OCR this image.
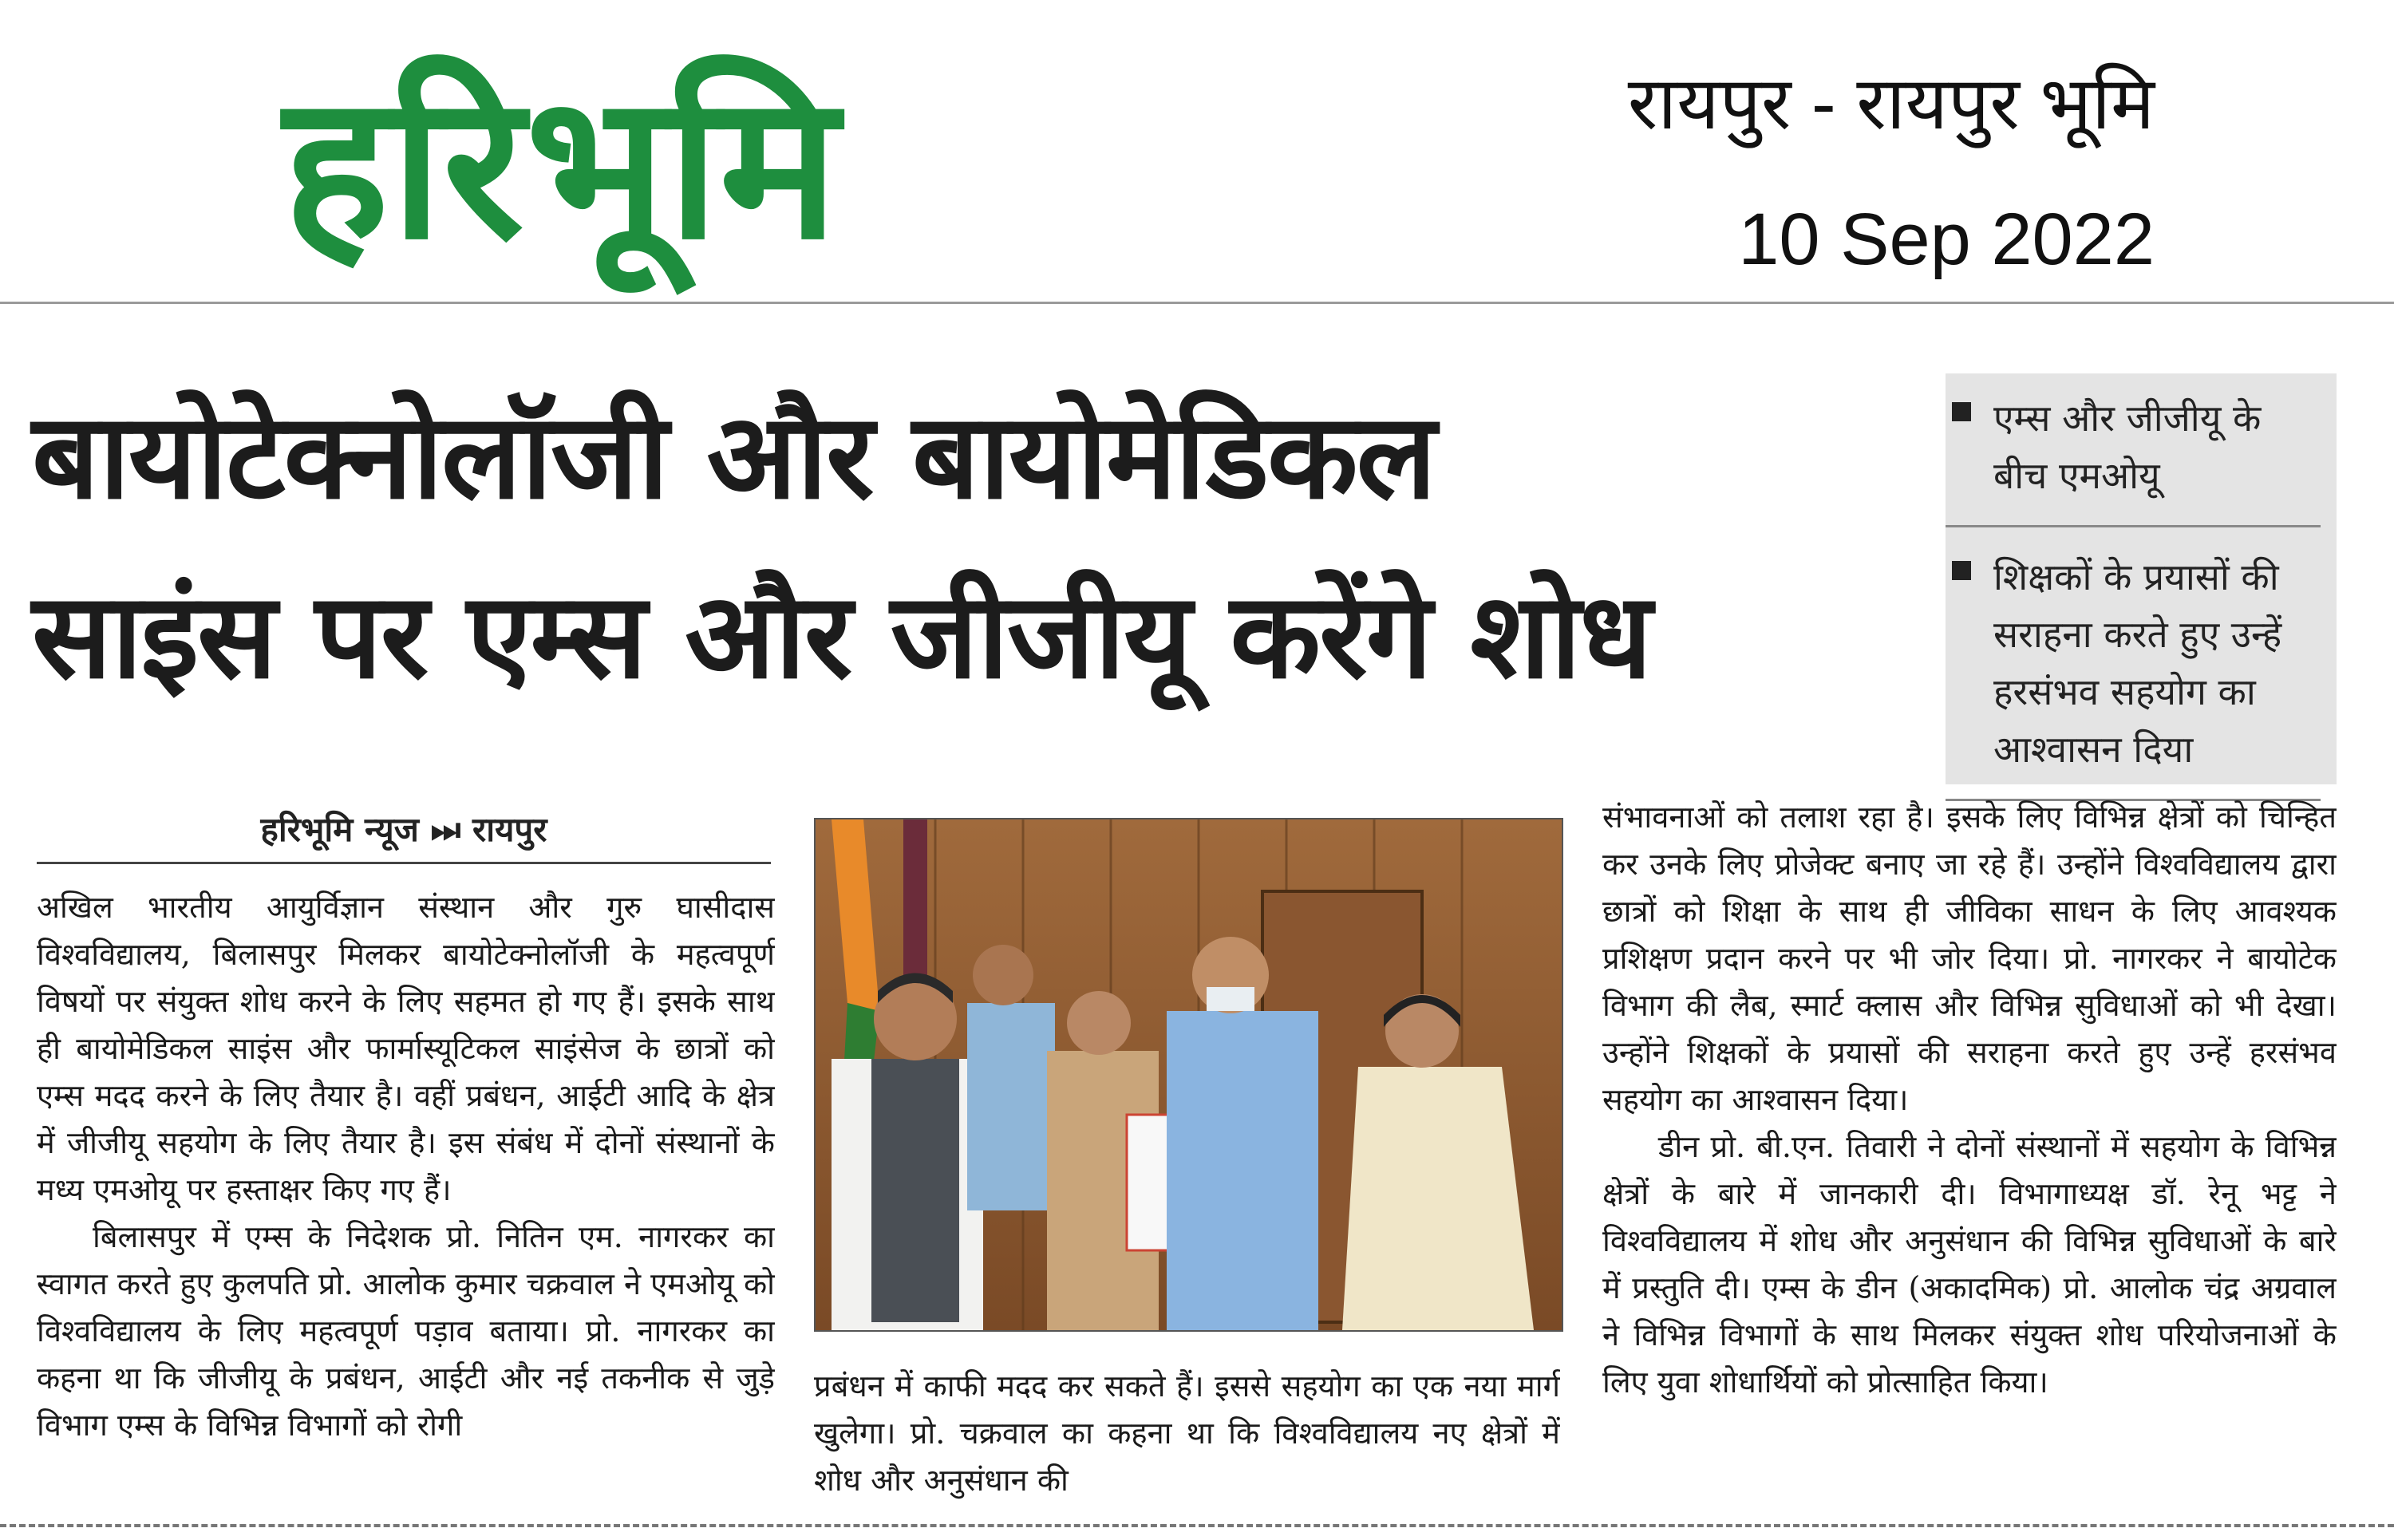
हरिभूमि	रायपुर - रायपुर भूमि
10 Sep 2022
बायोटेक्नोलॉजी और बायोमेडिकल
साइंस पर एम्स और जीजीयू करेंगे शोध
एम्स और जीजीयू के बीच एमओयू
शिक्षकों के प्रयासों की सराहना करते हुए उन्हें हरसंभव सहयोग का आश्वासन दिया
हरिभूमि न्यूज ⏭ रायपुर

अखिल भारतीय आयुर्विज्ञान संस्थान और गुरु घासीदास विश्वविद्यालय, बिलासपुर मिलकर बायोटेक्नोलॉजी के महत्वपूर्ण विषयों पर संयुक्त शोध करने के लिए सहमत हो गए हैं। इसके साथ ही बायोमेडिकल साइंस और फार्मास्यूटिकल साइंसेज के छात्रों को एम्स मदद करने के लिए तैयार है। वहीं प्रबंधन, आईटी आदि के क्षेत्र में जीजीयू सहयोग के लिए तैयार है। इस संबंध में दोनों संस्थानों के मध्य एमओयू पर हस्ताक्षर किए गए हैं।

बिलासपुर में एम्स के निदेशक प्रो. नितिन एम. नागरकर का स्वागत करते हुए कुलपति प्रो. आलोक कुमार चक्रवाल ने एमओयू को विश्वविद्यालय के लिए महत्वपूर्ण पड़ाव बताया। प्रो. नागरकर का कहना था कि जीजीयू के प्रबंधन, आईटी और नई तकनीक से जुड़े विभाग एम्स के विभिन्न विभागों को रोगी

प्रबंधन में काफी मदद कर सकते हैं। इससे सहयोग का एक नया मार्ग खुलेगा। प्रो. चक्रवाल का कहना था कि विश्वविद्यालय नए क्षेत्रों में शोध और अनुसंधान की

संभावनाओं को तलाश रहा है। इसके लिए विभिन्न क्षेत्रों को चिन्हित कर उनके लिए प्रोजेक्ट बनाए जा रहे हैं। उन्होंने विश्वविद्यालय द्वारा छात्रों को शिक्षा के साथ ही जीविका साधन के लिए आवश्यक प्रशिक्षण प्रदान करने पर भी जोर दिया। प्रो. नागरकर ने बायोटेक विभाग की लैब, स्मार्ट क्लास और विभिन्न सुविधाओं को भी देखा। उन्होंने शिक्षकों के प्रयासों की सराहना करते हुए उन्हें हरसंभव सहयोग का आश्वासन दिया।

डीन प्रो. बी.एन. तिवारी ने दोनों संस्थानों में सहयोग के विभिन्न क्षेत्रों के बारे में जानकारी दी। विभागाध्यक्ष डॉ. रेनू भट्ट ने विश्वविद्यालय में शोध और अनुसंधान की विभिन्न सुविधाओं के बारे में प्रस्तुति दी। एम्स के डीन (अकादमिक) प्रो. आलोक चंद्र अग्रवाल ने विभिन्न विभागों के साथ मिलकर संयुक्त शोध परियोजनाओं के लिए युवा शोधार्थियों को प्रोत्साहित किया।
